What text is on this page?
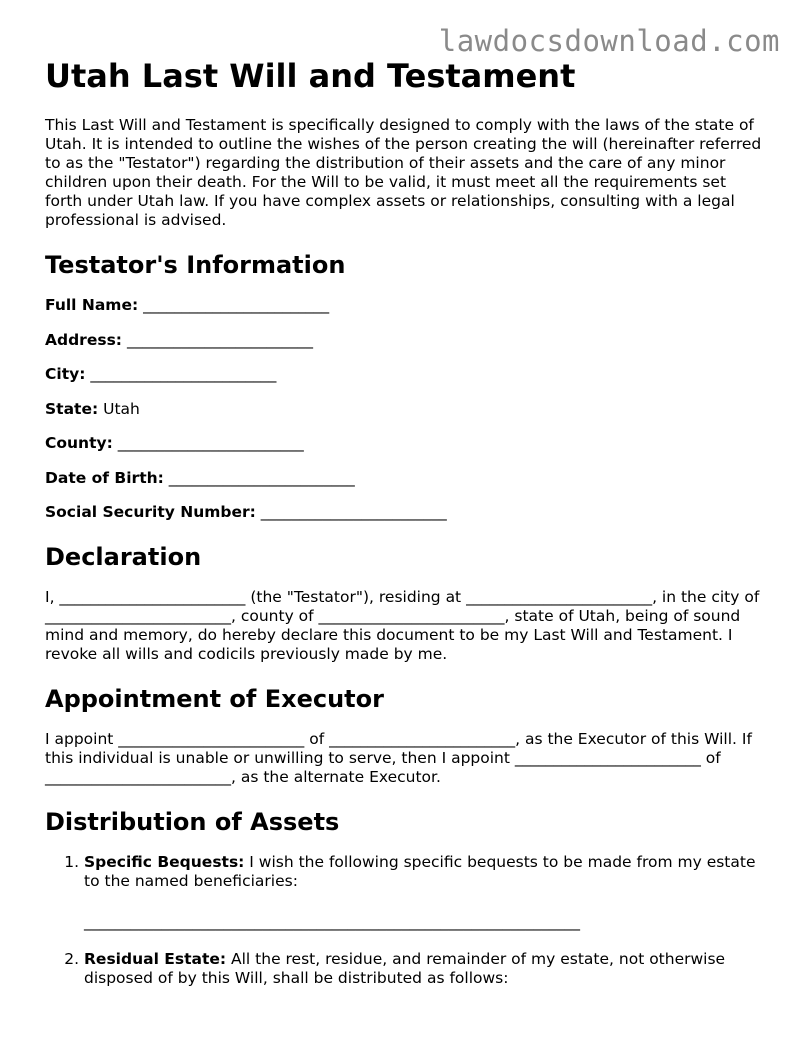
lawdocsdownload.com
Utah Last Will and Testament

This Last Will and Testament is specifically designed to comply with the laws of the state of Utah. It is intended to outline the wishes of the person creating the will (hereinafter referred to as the "Testator") regarding the distribution of their assets and the care of any minor children upon their death. For the Will to be valid, it must meet all the requirements set forth under Utah law. If you have complex assets or relationships, consulting with a legal professional is advised.

Testator's Information

Full Name: ________________________

Address: ________________________

City: ________________________

State: Utah

County: ________________________

Date of Birth: ________________________

Social Security Number: ________________________

Declaration

I, ________________________ (the "Testator"), residing at ________________________, in the city of ________________________, county of ________________________, state of Utah, being of sound mind and memory, do hereby declare this document to be my Last Will and Testament. I revoke all wills and codicils previously made by me.

Appointment of Executor

I appoint ________________________ of ________________________, as the Executor of this Will. If this individual is unable or unwilling to serve, then I appoint ________________________ of ________________________, as the alternate Executor.

Distribution of Assets
1. Specific Bequests: I wish the following specific bequests to be made from my estate to the named beneficiaries:
________________________________________________________________
2. Residual Estate: All the rest, residue, and remainder of my estate, not otherwise disposed of by this Will, shall be distributed as follows:
